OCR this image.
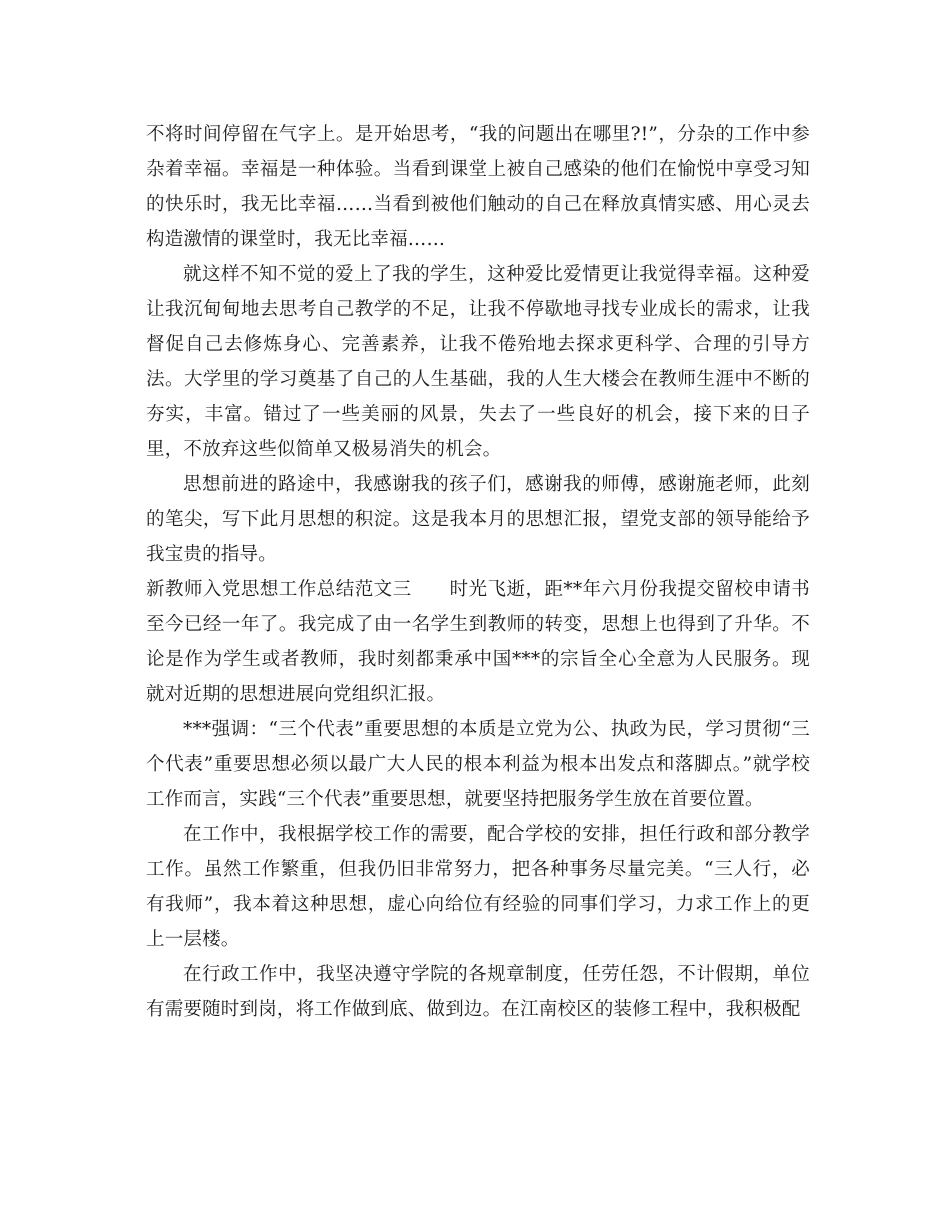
不将时间停留在气字上。是开始思考，“我的问题出在哪里?!”，分杂的工作中参杂着幸福。幸福是一种体验。当看到课堂上被自己感染的他们在愉悦中享受习知的快乐时，我无比幸福……当看到被他们触动的自己在释放真情实感、用心灵去构造激情的课堂时，我无比幸福……

就这样不知不觉的爱上了我的学生，这种爱比爱情更让我觉得幸福。这种爱让我沉甸甸地去思考自己教学的不足，让我不停歇地寻找专业成长的需求，让我督促自己去修炼身心、完善素养，让我不倦殆地去探求更科学、合理的引导方法。大学里的学习奠基了自己的人生基础，我的人生大楼会在教师生涯中不断的夯实，丰富。错过了一些美丽的风景，失去了一些良好的机会，接下来的日子里，不放弃这些似简单又极易消失的机会。

思想前进的路途中，我感谢我的孩子们，感谢我的师傅，感谢施老师，此刻的笔尖，写下此月思想的积淀。这是我本月的思想汇报，望党支部的领导能给予我宝贵的指导。

新教师入党思想工作总结范文三　　时光飞逝，距**年六月份我提交留校申请书至今已经一年了。我完成了由一名学生到教师的转变，思想上也得到了升华。不论是作为学生或者教师，我时刻都秉承中国***的宗旨全心全意为人民服务。现就对近期的思想进展向党组织汇报。

***强调：“三个代表”重要思想的本质是立党为公、执政为民，学习贯彻“三个代表”重要思想必须以最广大人民的根本利益为根本出发点和落脚点。”就学校工作而言，实践“三个代表”重要思想，就要坚持把服务学生放在首要位置。

在工作中，我根据学校工作的需要，配合学校的安排，担任行政和部分教学工作。虽然工作繁重，但我仍旧非常努力，把各种事务尽量完美。“三人行，必有我师”，我本着这种思想，虚心向给位有经验的同事们学习，力求工作上的更上一层楼。

在行政工作中，我坚决遵守学院的各规章制度，任劳任怨，不计假期，单位有需要随时到岗，将工作做到底、做到边。在江南校区的装修工程中，我积极配
